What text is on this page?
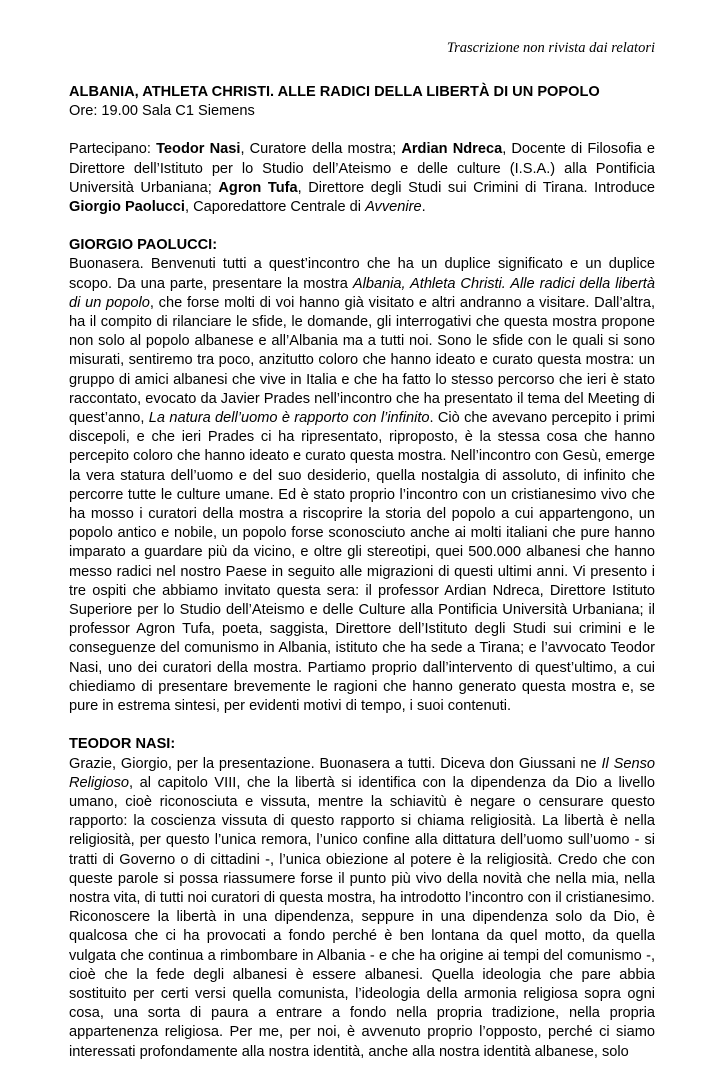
Trascrizione non rivista dai relatori

ALBANIA, ATHLETA CHRISTI. ALLE RADICI DELLA LIBERTÀ DI UN POPOLO

Ore: 19.00 Sala C1 Siemens

Partecipano: Teodor Nasi, Curatore della mostra; Ardian Ndreca, Docente di Filosofia e Direttore dell’Istituto per lo Studio dell’Ateismo e delle culture (I.S.A.) alla Pontificia Università Urbaniana; Agron Tufa, Direttore degli Studi sui Crimini di Tirana. Introduce Giorgio Paolucci, Caporedattore Centrale di Avvenire.

GIORGIO PAOLUCCI:

Buonasera. Benvenuti tutti a quest’incontro che ha un duplice significato e un duplice scopo. Da una parte, presentare la mostra Albania, Athleta Christi. Alle radici della libertà di un popolo, che forse molti di voi hanno già visitato e altri andranno a visitare. Dall’altra, ha il compito di rilanciare le sfide, le domande, gli interrogativi che questa mostra propone non solo al popolo albanese e all’Albania ma a tutti noi. Sono le sfide con le quali si sono misurati, sentiremo tra poco, anzitutto coloro che hanno ideato e curato questa mostra: un gruppo di amici albanesi che vive in Italia e che ha fatto lo stesso percorso che ieri è stato raccontato, evocato da Javier Prades nell’incontro che ha presentato il tema del Meeting di quest’anno, La natura dell’uomo è rapporto con l’infinito. Ciò che avevano percepito i primi discepoli, e che ieri Prades ci ha ripresentato, riproposto, è la stessa cosa che hanno percepito coloro che hanno ideato e curato questa mostra. Nell’incontro con Gesù, emerge la vera statura dell’uomo e del suo desiderio, quella nostalgia di assoluto, di infinito che percorre tutte le culture umane. Ed è stato proprio l’incontro con un cristianesimo vivo che ha mosso i curatori della mostra a riscoprire la storia del popolo a cui appartengono, un popolo antico e nobile, un popolo forse sconosciuto anche ai molti italiani che pure hanno imparato a guardare più da vicino, e oltre gli stereotipi, quei 500.000 albanesi che hanno messo radici nel nostro Paese in seguito alle migrazioni di questi ultimi anni. Vi presento i tre ospiti che abbiamo invitato questa sera: il professor Ardian Ndreca, Direttore Istituto Superiore per lo Studio dell’Ateismo e delle Culture alla Pontificia Università Urbaniana; il professor Agron Tufa, poeta, saggista, Direttore dell’Istituto degli Studi sui crimini e le conseguenze del comunismo in Albania, istituto che ha sede a Tirana; e l’avvocato Teodor Nasi, uno dei curatori della mostra. Partiamo proprio dall’intervento di quest’ultimo, a cui chiediamo di presentare brevemente le ragioni che hanno generato questa mostra e, se pure in estrema sintesi, per evidenti motivi di tempo, i suoi contenuti.

TEODOR NASI:

Grazie, Giorgio, per la presentazione. Buonasera a tutti. Diceva don Giussani ne Il Senso Religioso, al capitolo VIII, che la libertà si identifica con la dipendenza da Dio a livello umano, cioè riconosciuta e vissuta, mentre la schiavitù è negare o censurare questo rapporto: la coscienza vissuta di questo rapporto si chiama religiosità. La libertà è nella religiosità, per questo l’unica remora, l’unico confine alla dittatura dell’uomo sull’uomo - si tratti di Governo o di cittadini -, l’unica obiezione al potere è la religiosità. Credo che con queste parole si possa riassumere forse il punto più vivo della novità che nella mia, nella nostra vita, di tutti noi curatori di questa mostra, ha introdotto l’incontro con il cristianesimo. Riconoscere la libertà in una dipendenza, seppure in una dipendenza solo da Dio, è qualcosa che ci ha provocati a fondo perché è ben lontana da quel motto, da quella vulgata che continua a rimbombare in Albania - e che ha origine ai tempi del comunismo -, cioè che la fede degli albanesi è essere albanesi. Quella ideologia che pare abbia sostituito per certi versi quella comunista, l’ideologia della armonia religiosa sopra ogni cosa, una sorta di paura a entrare a fondo nella propria tradizione, nella propria appartenenza religiosa. Per me, per noi, è avvenuto proprio l’opposto, perché ci siamo interessati profondamente alla nostra identità, anche alla nostra identità albanese, solo
